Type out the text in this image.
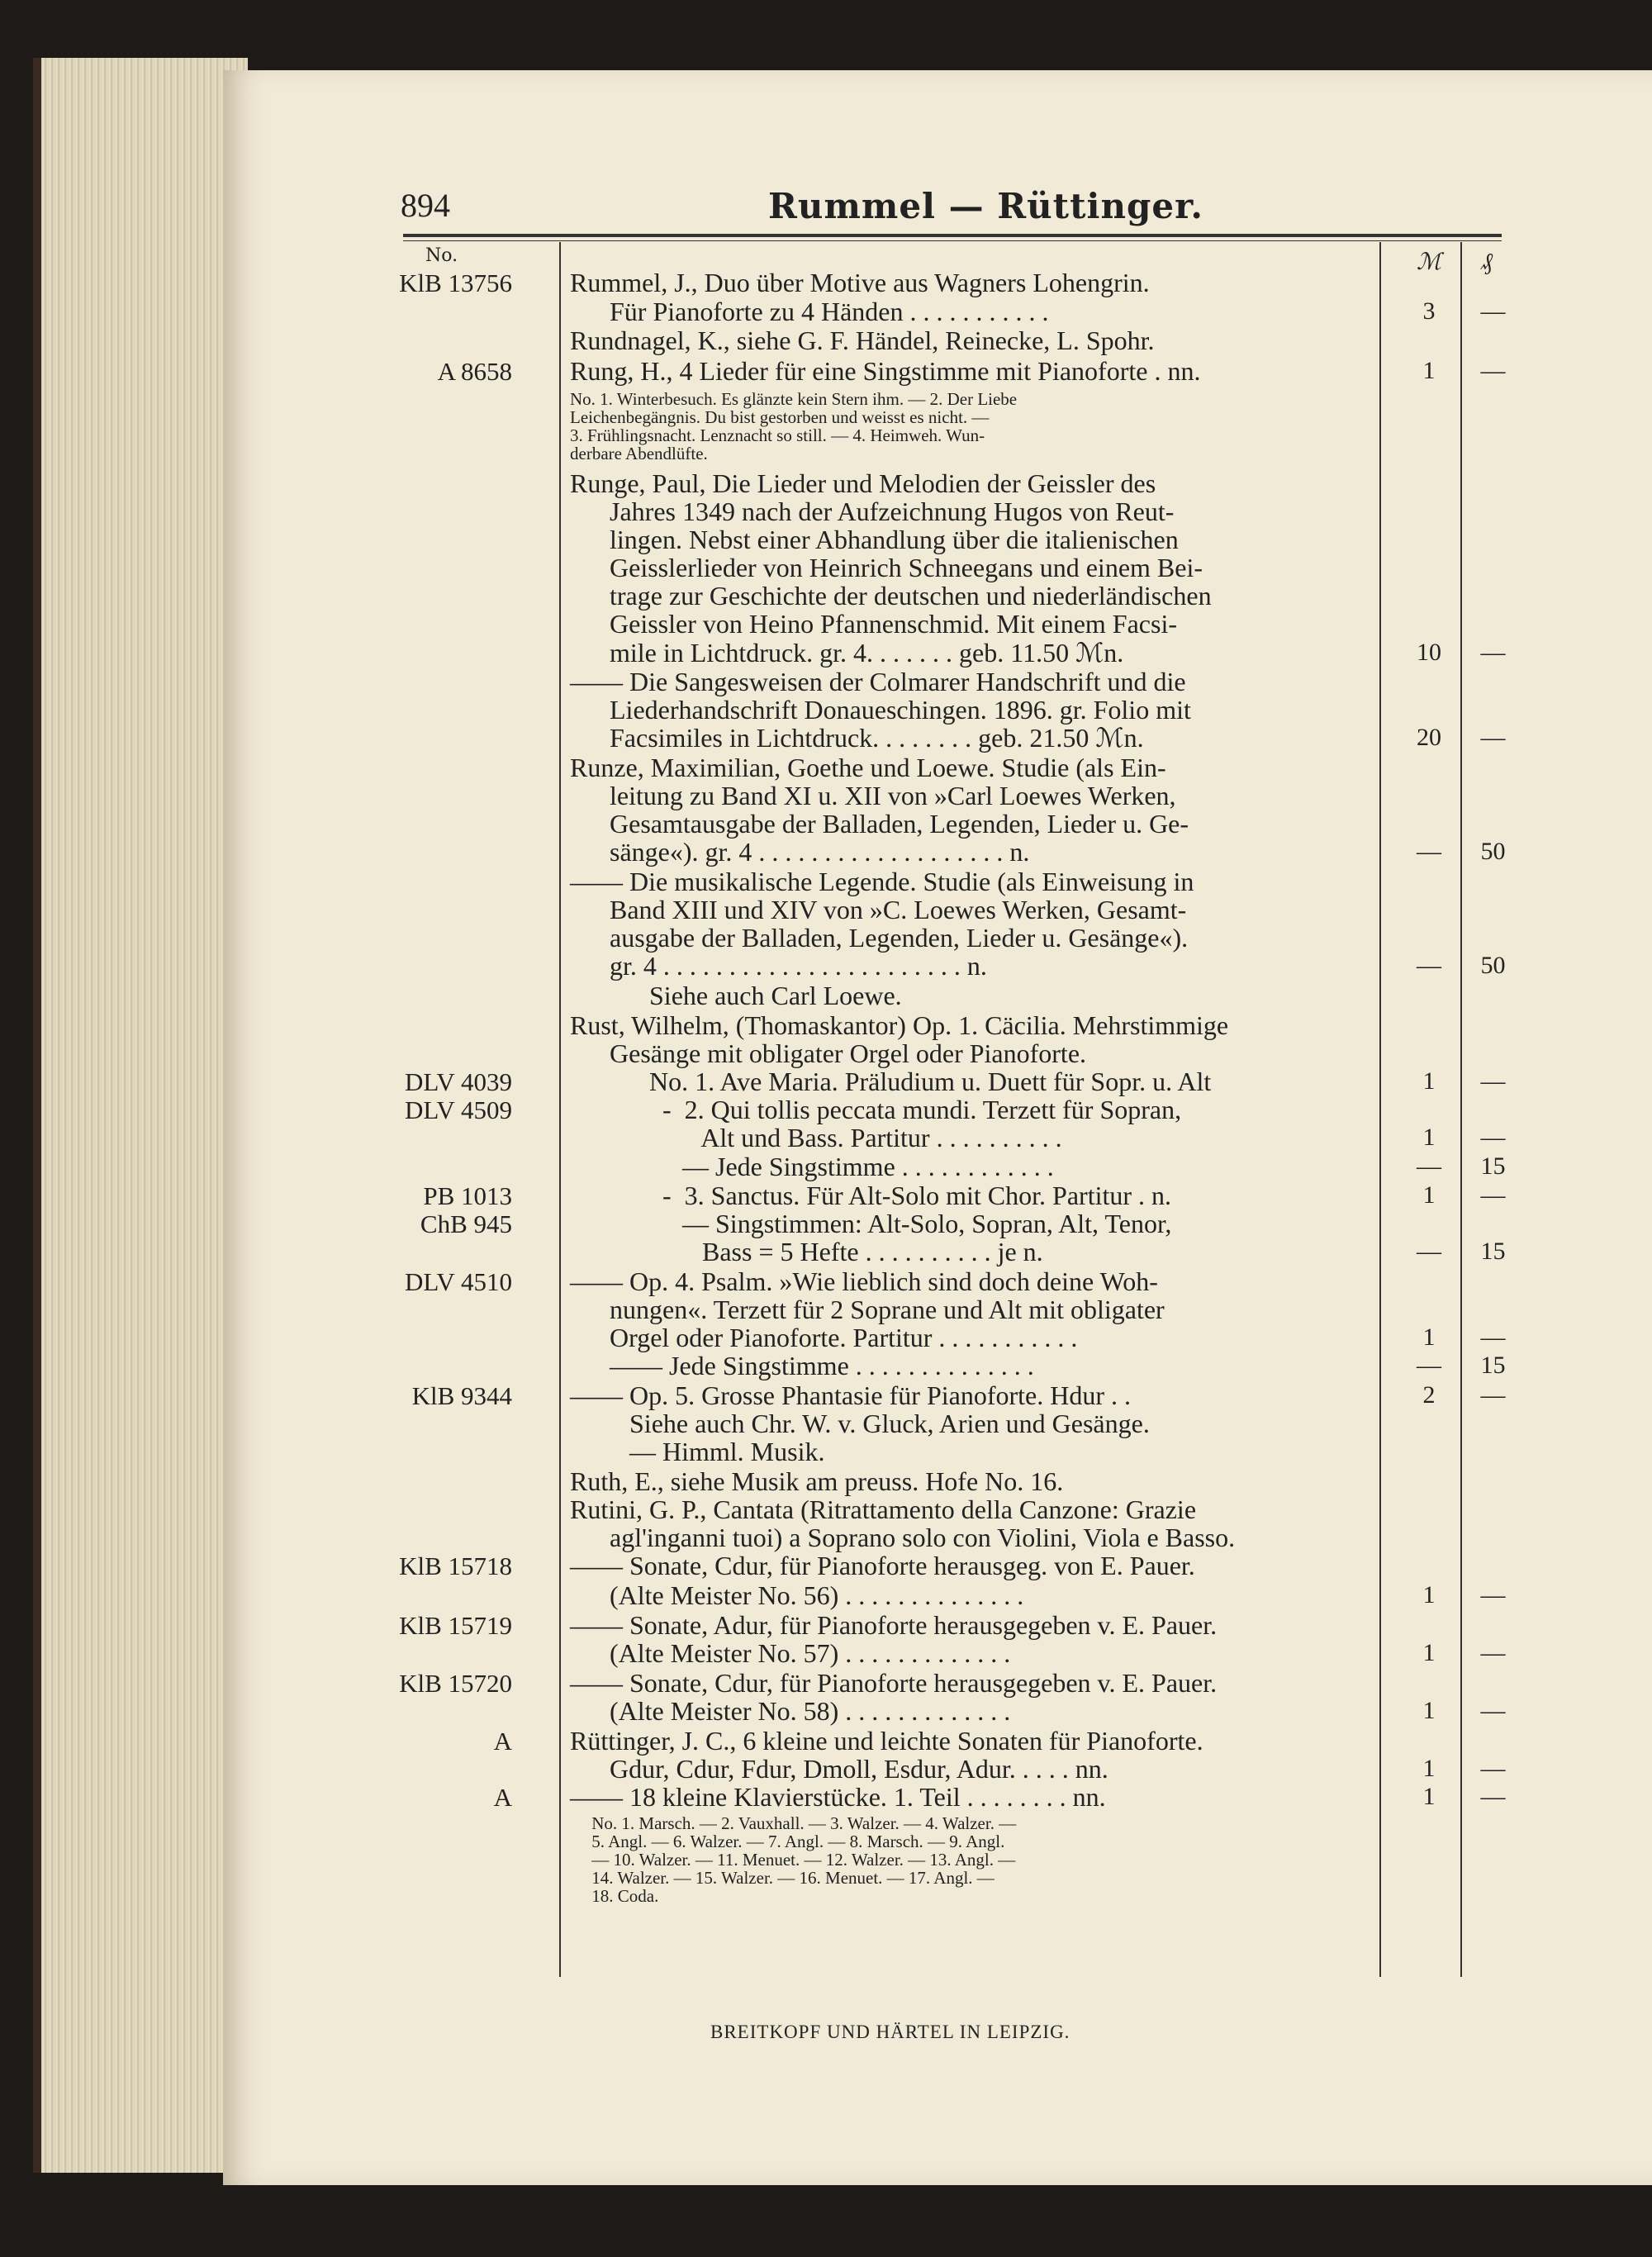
894	Rummel — Rüttinger.
No.	ℳ ₰
KlB 13756 Rummel, J., Duo über Motive aus Wagners Lohengrin.
Für Pianoforte zu 4 Händen . . . . . . . . . . .	3	—
Rundnagel, K., siehe G. F. Händel, Reinecke, L. Spohr.
A 8658 Rung, H., 4 Lieder für eine Singstimme mit Pianoforte . nn.	1	—
No. 1. Winterbesuch. Es glänzte kein Stern ihm. — 2. Der Liebe
Leichenbegängnis. Du bist gestorben und weisst es nicht. —
3. Frühlingsnacht. Lenznacht so still. — 4. Heimweh. Wun-
derbare Abendlüfte.
Runge, Paul, Die Lieder und Melodien der Geissler des
Jahres 1349 nach der Aufzeichnung Hugos von Reut-
lingen. Nebst einer Abhandlung über die italienischen
Geisslerlieder von Heinrich Schneegans und einem Bei-
trage zur Geschichte der deutschen und niederländischen
Geissler von Heino Pfannenschmid. Mit einem Facsi-
mile in Lichtdruck. gr. 4. . . . . . . geb. 11.50 ℳn.	10	—
—— Die Sangesweisen der Colmarer Handschrift und die
Liederhandschrift Donaueschingen. 1896. gr. Folio mit
Facsimiles in Lichtdruck. . . . . . . . geb. 21.50 ℳn.	20	—
Runze, Maximilian, Goethe und Loewe. Studie (als Ein-
leitung zu Band XI u. XII von »Carl Loewes Werken,
Gesamtausgabe der Balladen, Legenden, Lieder u. Ge-
sänge«). gr. 4 . . . . . . . . . . . . . . . . . . . n.	—	50
—— Die musikalische Legende. Studie (als Einweisung in
Band XIII und XIV von »C. Loewes Werken, Gesamt-
ausgabe der Balladen, Legenden, Lieder u. Gesänge«).
gr. 4 . . . . . . . . . . . . . . . . . . . . . . . n.	—	50
Siehe auch Carl Loewe.
Rust, Wilhelm, (Thomaskantor) Op. 1. Cäcilia. Mehrstimmige
Gesänge mit obligater Orgel oder Pianoforte.
DLV 4039 No. 1. Ave Maria. Präludium u. Duett für Sopr. u. Alt	1	—
DLV 4509 -  2. Qui tollis peccata mundi. Terzett für Sopran,
Alt und Bass. Partitur . . . . . . . . . .	1	—
— Jede Singstimme . . . . . . . . . . . .	—	15
PB 1013 -  3. Sanctus. Für Alt-Solo mit Chor. Partitur . n.	1	—
ChB 945 — Singstimmen: Alt-Solo, Sopran, Alt, Tenor,
Bass = 5 Hefte . . . . . . . . . . je n.	—	15
DLV 4510 —— Op. 4. Psalm. »Wie lieblich sind doch deine Woh-
nungen«. Terzett für 2 Soprane und Alt mit obligater
Orgel oder Pianoforte. Partitur . . . . . . . . . . .	1	—
—— Jede Singstimme . . . . . . . . . . . . . .	—	15
KlB 9344 —— Op. 5. Grosse Phantasie für Pianoforte. Hdur . .	2	—
Siehe auch Chr. W. v. Gluck, Arien und Gesänge.
— Himml. Musik.
Ruth, E., siehe Musik am preuss. Hofe No. 16.
Rutini, G. P., Cantata (Ritrattamento della Canzone: Grazie
agl'inganni tuoi) a Soprano solo con Violini, Viola e Basso.
KlB 15718 —— Sonate, Cdur, für Pianoforte herausgeg. von E. Pauer.
(Alte Meister No. 56) . . . . . . . . . . . . . .	1	—
KlB 15719 —— Sonate, Adur, für Pianoforte herausgegeben v. E. Pauer.
(Alte Meister No. 57) . . . . . . . . . . . . .	1	—
KlB 15720 —— Sonate, Cdur, für Pianoforte herausgegeben v. E. Pauer.
(Alte Meister No. 58) . . . . . . . . . . . . .	1	—
A Rüttinger, J. C., 6 kleine und leichte Sonaten für Pianoforte.
Gdur, Cdur, Fdur, Dmoll, Esdur, Adur. . . . . nn.	1	—
A —— 18 kleine Klavierstücke. 1. Teil . . . . . . . . nn.	1	—
No. 1. Marsch. — 2. Vauxhall. — 3. Walzer. — 4. Walzer. —
5. Angl. — 6. Walzer. — 7. Angl. — 8. Marsch. — 9. Angl.
— 10. Walzer. — 11. Menuet. — 12. Walzer. — 13. Angl. —
14. Walzer. — 15. Walzer. — 16. Menuet. — 17. Angl. —
18. Coda.
BREITKOPF UND HÄRTEL IN LEIPZIG.
